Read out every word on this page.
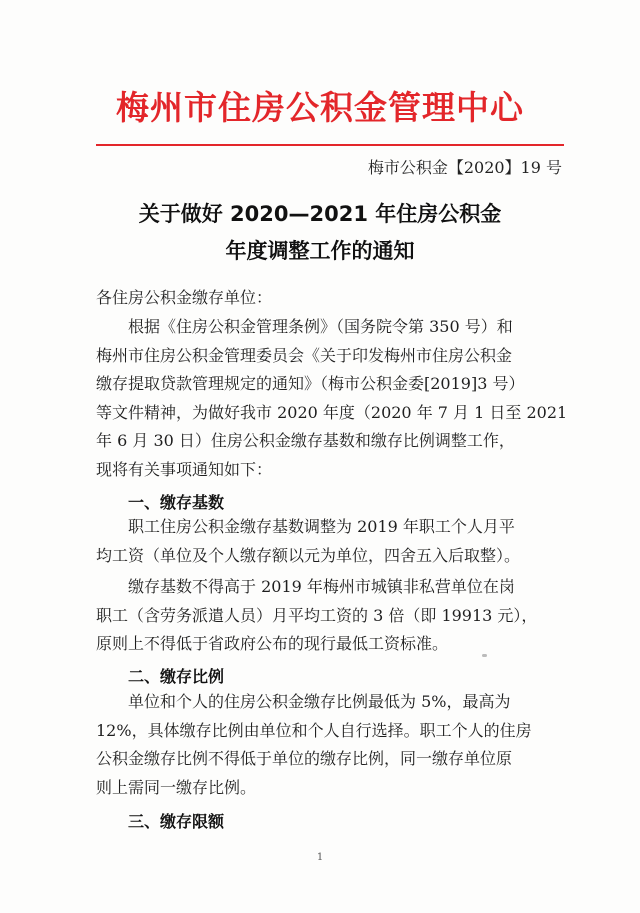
梅州市住房公积金管理中心
梅市公积金【2020】19 号
关于做好 2020—2021 年住房公积金
年度调整工作的通知
各住房公积金缴存单位：
根据《住房公积金管理条例》（国务院令第 350 号）和
梅州市住房公积金管理委员会《关于印发梅州市住房公积金
缴存提取贷款管理规定的通知》（梅市公积金委[2019]3 号）
等文件精神，为做好我市 2020 年度（2020 年 7 月 1 日至 2021
年 6 月 30 日）住房公积金缴存基数和缴存比例调整工作，
现将有关事项通知如下：
一、缴存基数
职工住房公积金缴存基数调整为 2019 年职工个人月平
均工资（单位及个人缴存额以元为单位，四舍五入后取整）。
缴存基数不得高于 2019 年梅州市城镇非私营单位在岗
职工（含劳务派遣人员）月平均工资的 3 倍（即 19913 元），
原则上不得低于省政府公布的现行最低工资标准。
二、缴存比例
单位和个人的住房公积金缴存比例最低为 5%，最高为
12%，具体缴存比例由单位和个人自行选择。职工个人的住房
公积金缴存比例不得低于单位的缴存比例，同一缴存单位原
则上需同一缴存比例。
三、缴存限额
1
